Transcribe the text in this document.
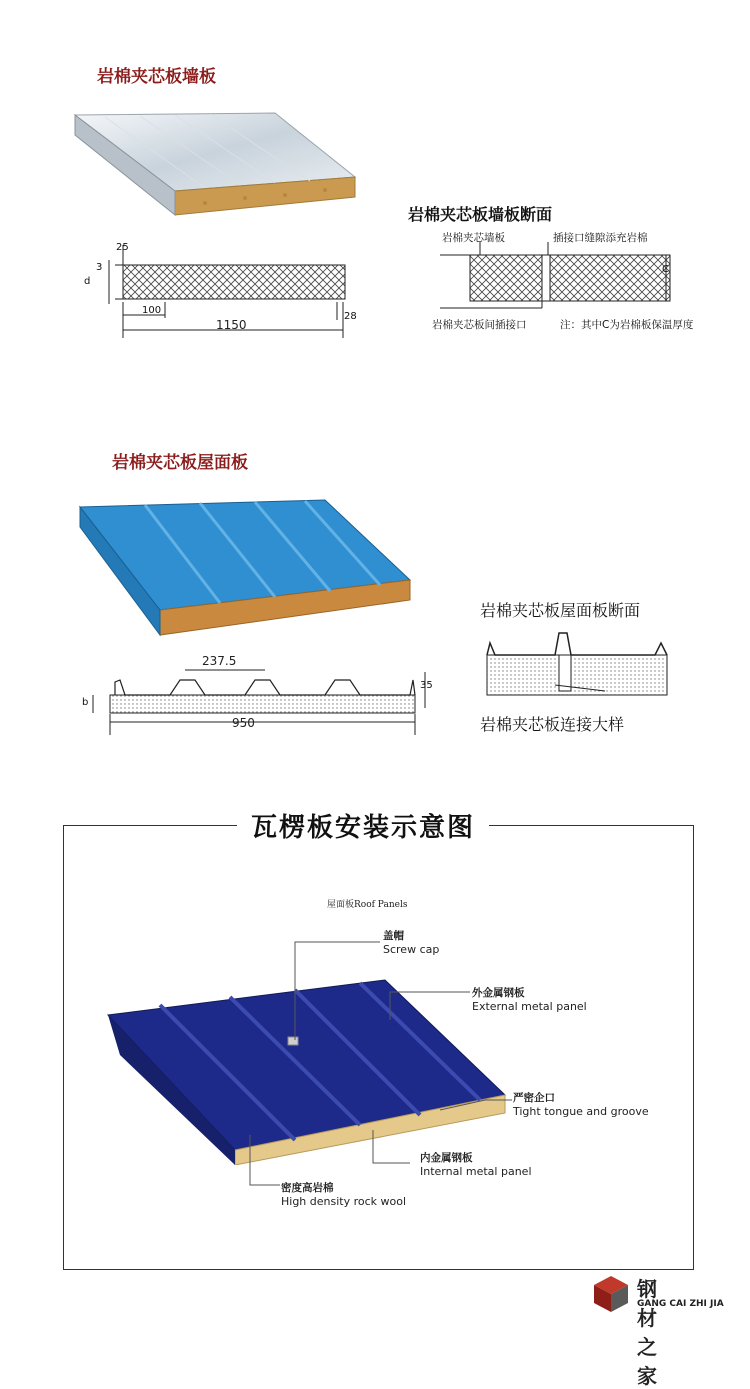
岩棉夹芯板墙板
25
3
d
100
1150
28
岩棉夹芯板墙板断面
岩棉夹芯墙板	插接口缝隙添充岩棉
C
岩棉夹芯板间插接口	注：其中C为岩棉板保温厚度
岩棉夹芯板屋面板
237.5
35
b
950
岩棉夹芯板屋面板断面
岩棉夹芯板连接大样
瓦楞板安装示意图
屋面板Roof Panels
盖帽
Screw cap
外金属钢板
External metal panel
严密企口
Tight tongue and groove
内金属钢板
Internal metal panel
密度高岩棉
High density rock wool
钢材之家
GANG CAI ZHI JIA
